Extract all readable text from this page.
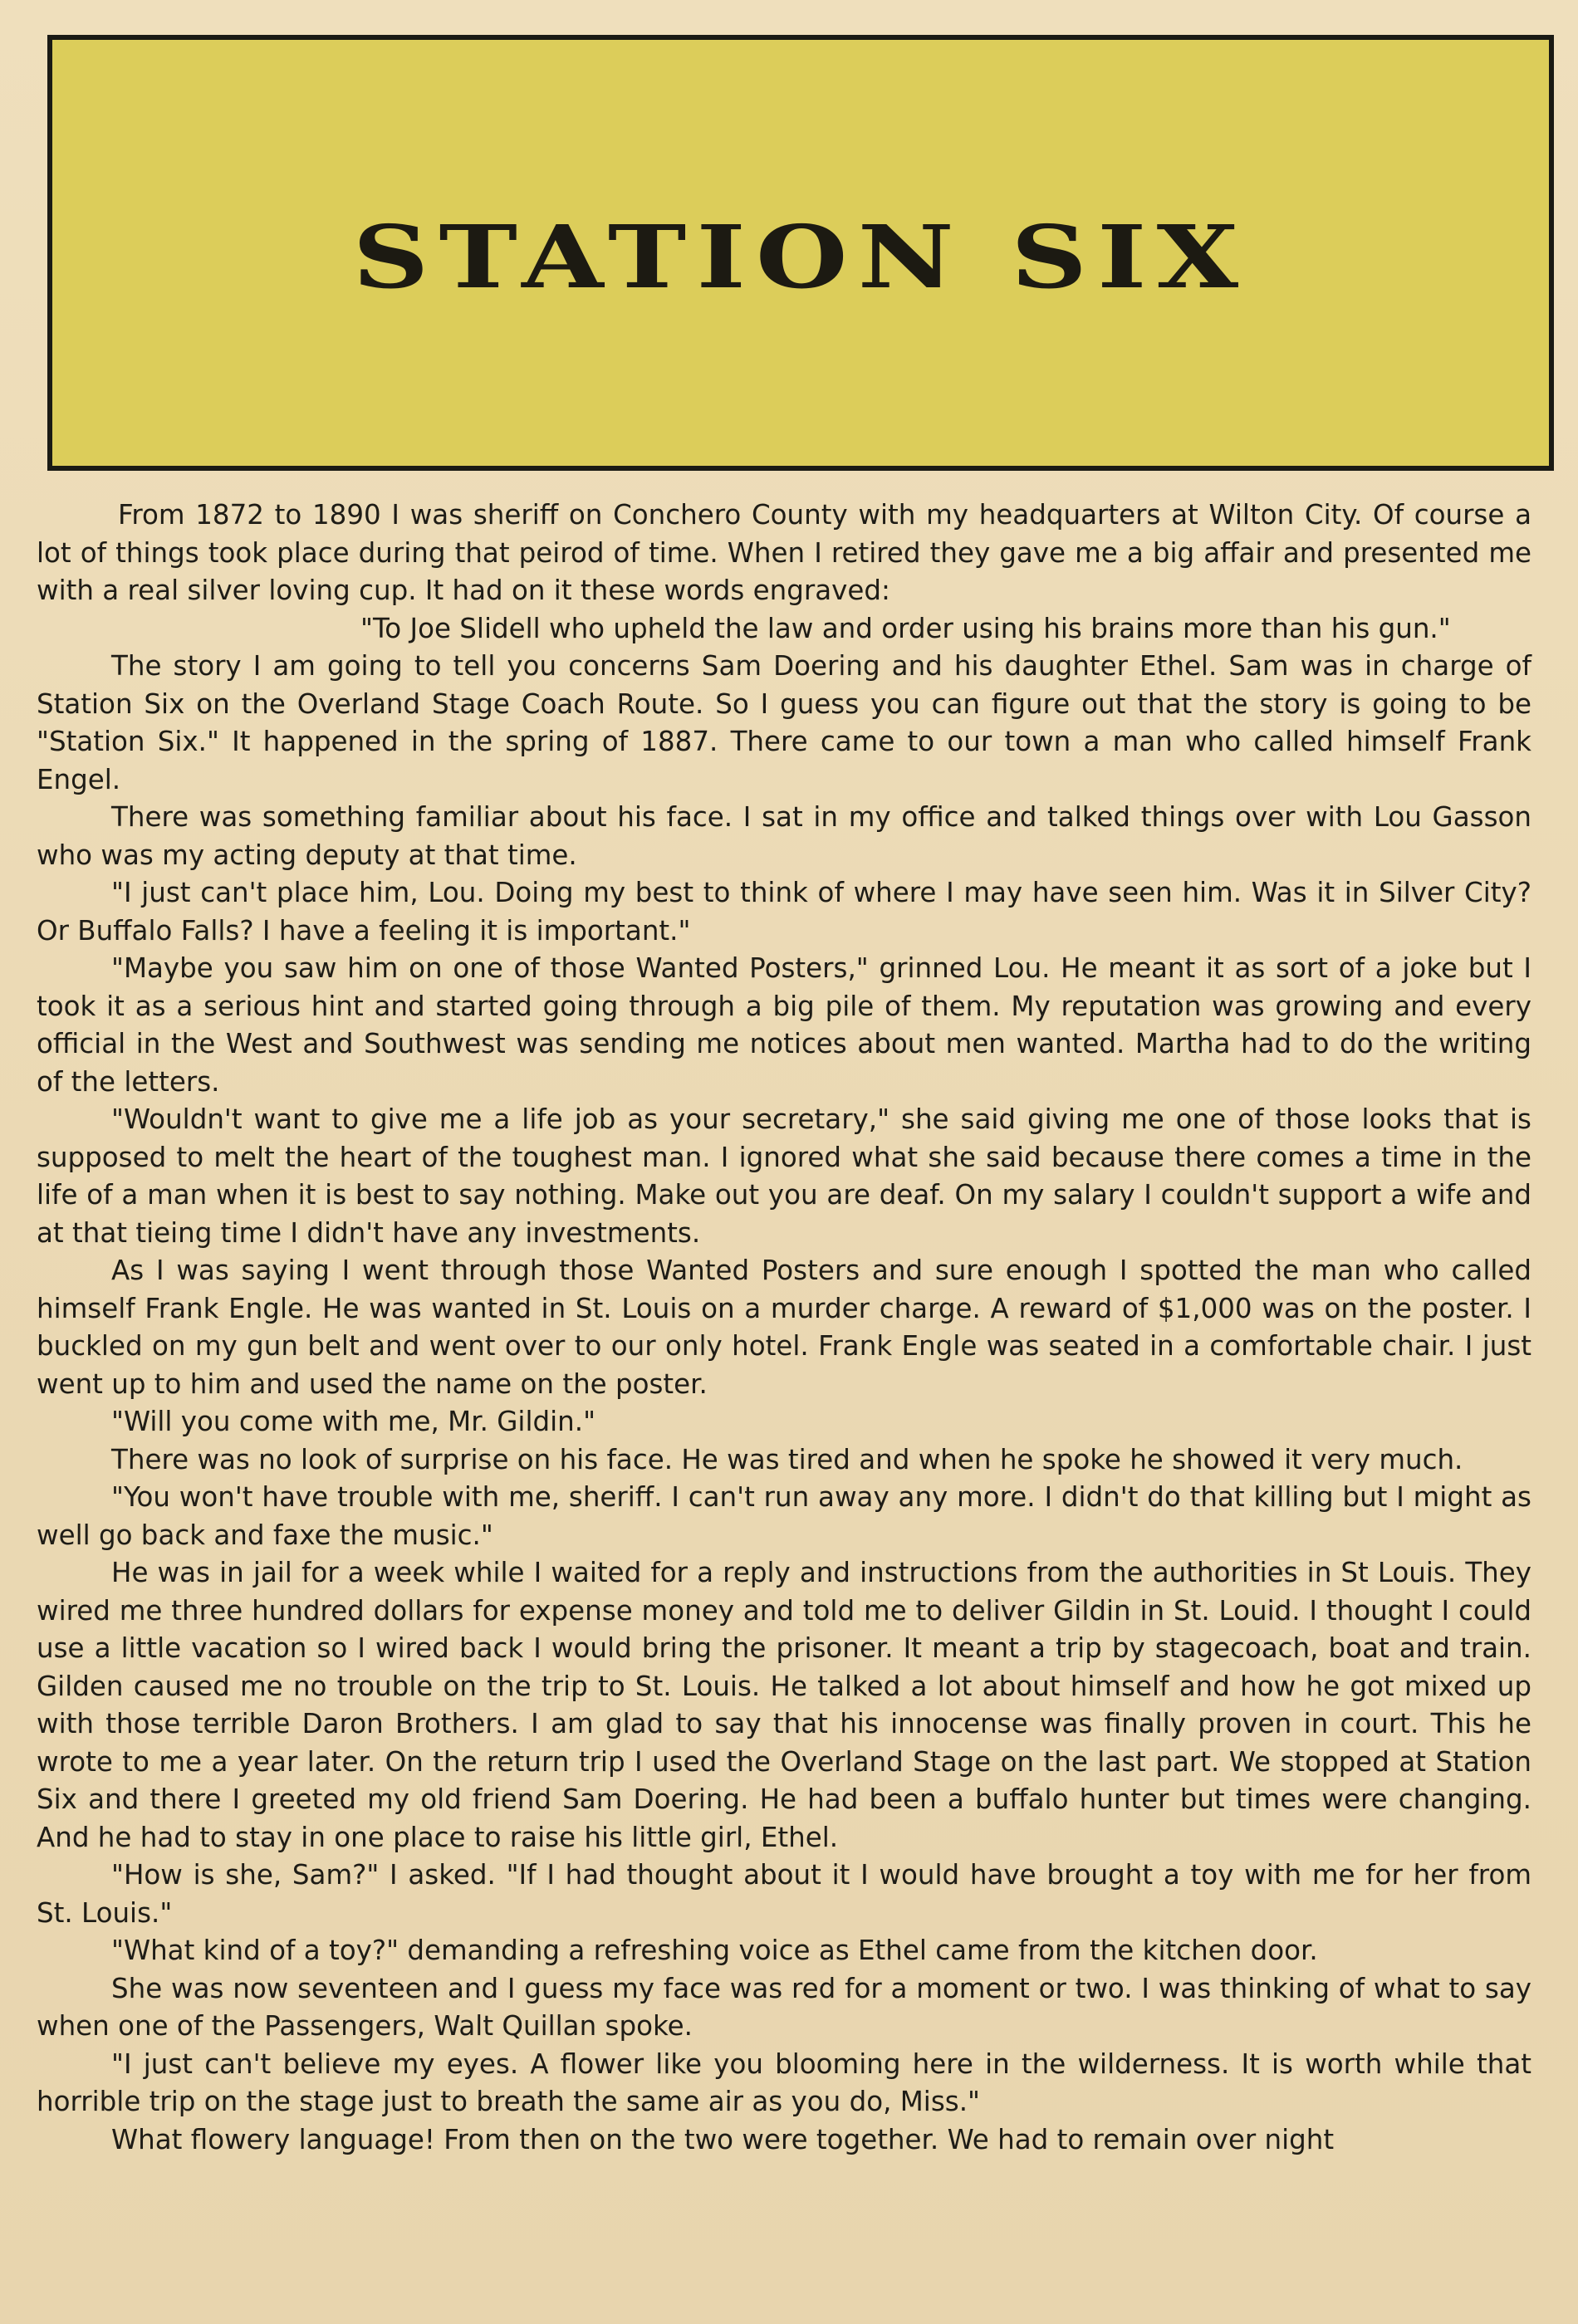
STATION SIX

From 1872 to 1890 I was sheriff on Conchero County with my headquarters at Wilton City. Of course a lot of things took place during that peirod of time. When I retired they gave me a big affair and presented me with a real silver loving cup. It had on it these words engraved:

"To Joe Slidell who upheld the law and order using his brains more than his gun."

The story I am going to tell you concerns Sam Doering and his daughter Ethel. Sam was in charge of Station Six on the Overland Stage Coach Route. So I guess you can figure out that the story is going to be "Station Six." It happened in the spring of 1887. There came to our town a man who called himself Frank Engel.

There was something familiar about his face. I sat in my office and talked things over with Lou Gasson who was my acting deputy at that time.

"I just can't place him, Lou. Doing my best to think of where I may have seen him. Was it in Silver City? Or Buffalo Falls? I have a feeling it is important."

"Maybe you saw him on one of those Wanted Posters," grinned Lou. He meant it as sort of a joke but I took it as a serious hint and started going through a big pile of them. My reputation was growing and every official in the West and Southwest was sending me notices about men wanted. Martha had to do the writing of the letters.

"Wouldn't want to give me a life job as your secretary," she said giving me one of those looks that is supposed to melt the heart of the toughest man. I ignored what she said because there comes a time in the life of a man when it is best to say nothing. Make out you are deaf. On my salary I couldn't support a wife and at that tieing time I didn't have any investments.

As I was saying I went through those Wanted Posters and sure enough I spotted the man who called himself Frank Engle. He was wanted in St. Louis on a murder charge. A reward of $1,000 was on the poster. I buckled on my gun belt and went over to our only hotel. Frank Engle was seated in a comfortable chair. I just went up to him and used the name on the poster.

"Will you come with me, Mr. Gildin."

There was no look of surprise on his face. He was tired and when he spoke he showed it very much.

"You won't have trouble with me, sheriff. I can't run away any more. I didn't do that killing but I might as well go back and faxe the music."

He was in jail for a week while I waited for a reply and instructions from the authorities in St Louis. They wired me three hundred dollars for expense money and told me to deliver Gildin in St. Louid. I thought I could use a little vacation so I wired back I would bring the prisoner. It meant a trip by stagecoach, boat and train. Gilden caused me no trouble on the trip to St. Louis. He talked a lot about himself and how he got mixed up with those terrible Daron Brothers. I am glad to say that his innocense was finally proven in court. This he wrote to me a year later. On the return trip I used the Overland Stage on the last part. We stopped at Station Six and there I greeted my old friend Sam Doering. He had been a buffalo hunter but times were changing. And he had to stay in one place to raise his little girl, Ethel.

"How is she, Sam?" I asked. "If I had thought about it I would have brought a toy with me for her from St. Louis."

"What kind of a toy?" demanding a refreshing voice as Ethel came from the kitchen door.

She was now seventeen and I guess my face was red for a moment or two. I was thinking of what to say when one of the Passengers, Walt Quillan spoke.

"I just can't believe my eyes. A flower like you blooming here in the wilderness. It is worth while that horrible trip on the stage just to breath the same air as you do, Miss."

What flowery language! From then on the two were together. We had to remain over night
